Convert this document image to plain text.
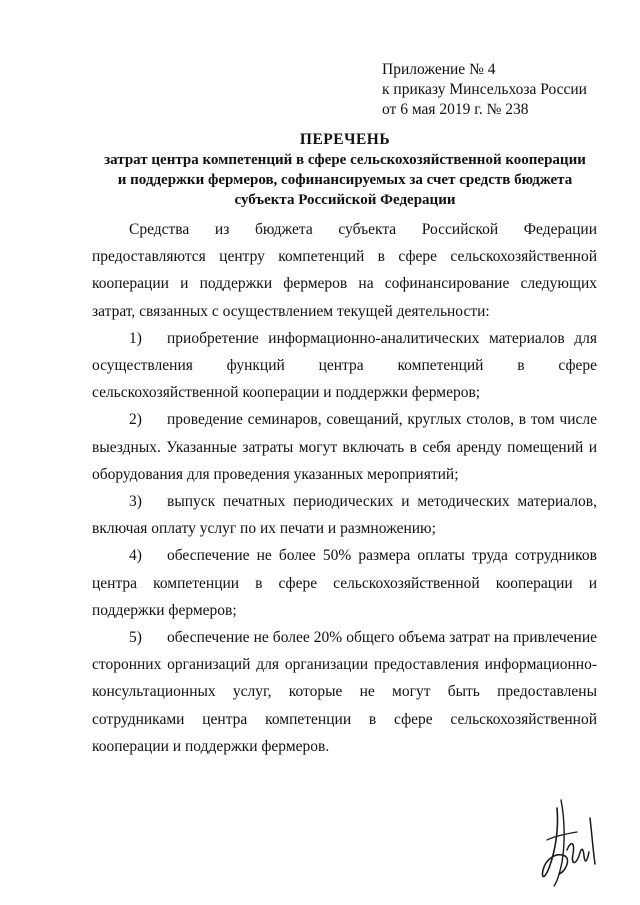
Приложение № 4
к приказу Минсельхоза России
от 6 мая 2019 г. № 238
ПЕРЕЧЕНЬ
затрат центра компетенций в сфере сельскохозяйственной кооперации
и поддержки фермеров, софинансируемых за счет средств бюджета
субъекта Российской Федерации

Средства из бюджета субъекта Российской Федерации предоставляются центру компетенций в сфере сельскохозяйственной кооперации и поддержки фермеров на софинансирование следующих затрат, связанных с осуществлением текущей деятельности:

1) приобретение информационно-аналитических материалов для осуществления функций центра компетенций в сфере сельскохозяйственной кооперации и поддержки фермеров;

2) проведение семинаров, совещаний, круглых столов, в том числе выездных. Указанные затраты могут включать в себя аренду помещений и оборудования для проведения указанных мероприятий;

3) выпуск печатных периодических и методических материалов, включая оплату услуг по их печати и размножению;

4) обеспечение не более 50% размера оплаты труда сотрудников центра компетенции в сфере сельскохозяйственной кооперации и поддержки фермеров;

5) обеспечение не более 20% общего объема затрат на привлечение сторонних организаций для организации предоставления информационно-консультационных услуг, которые не могут быть предоставлены сотрудниками центра компетенции в сфере сельскохозяйственной кооперации и поддержки фермеров.
